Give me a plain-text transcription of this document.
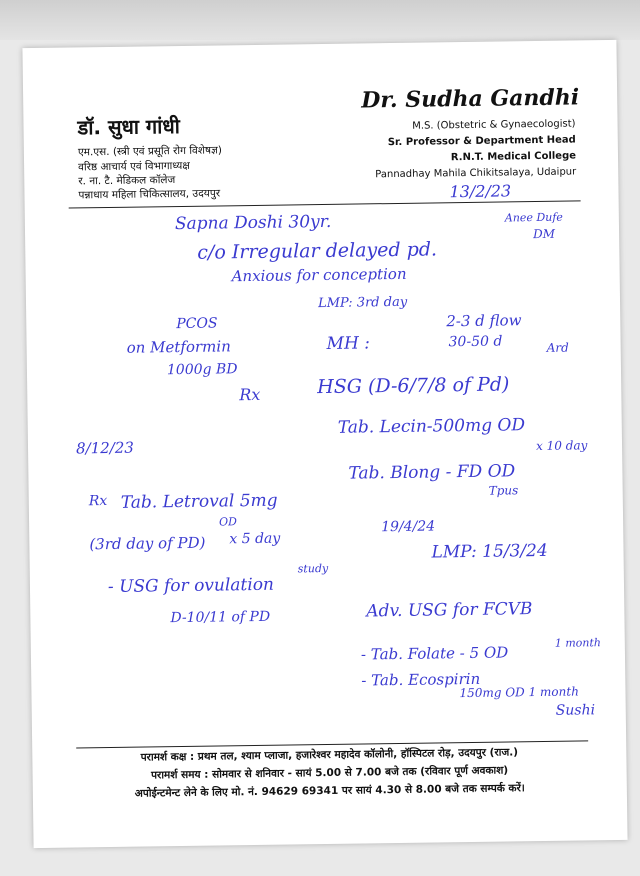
डॉ. सुधा गांधी
एम.एस. (स्त्री एवं प्रसूति रोग विशेषज्ञ)
वरिष्ठ आचार्य एवं विभागाध्यक्ष
र. ना. टै. मेडिकल कॉलेज
पन्नाधाय महिला चिकित्सालय, उदयपुर
Dr. Sudha Gandhi
M.S. (Obstetric & Gynaecologist)
Sr. Professor & Department Head
R.N.T. Medical College
Pannadhay Mahila Chikitsalaya, Udaipur
Sapna Doshi 30yr.
13/2/23
Anee Dufe
DM
c/o Irregular delayed pd.
Anxious for conception
LMP: 3rd day
PCOS
on Metformin
1000g BD
MH :
2-3 d flow
30-50 d	Ard
Rx	HSG (D-6/7/8 of Pd)
Tab. Lecin-500mg OD
x 10 day
Tab. Blong - FD OD
Tpus
8/12/23
Rx Tab. Letroval 5mg
OD
(3rd day of PD) x 5 day
- USG for ovulation
D-10/11 of PD
study
19/4/24
LMP: 15/3/24
Adv. USG for FCVB
- Tab. Folate - 5 OD
1 month
- Tab. Ecospirin
150mg OD 1 month
Sushi
परामर्श कक्ष : प्रथम तल, श्याम प्लाजा, हजारेश्वर महादेव कॉलोनी, हॉस्पिटल रोड़, उदयपुर (राज.)
परामर्श समय : सोमवार से शनिवार - सायं 5.00 से 7.00 बजे तक (रविवार पूर्ण अवकाश)
अपोईन्टमेन्ट लेने के लिए मो. नं. 94629 69341 पर सायं 4.30 से 8.00 बजे तक सम्पर्क करें।
